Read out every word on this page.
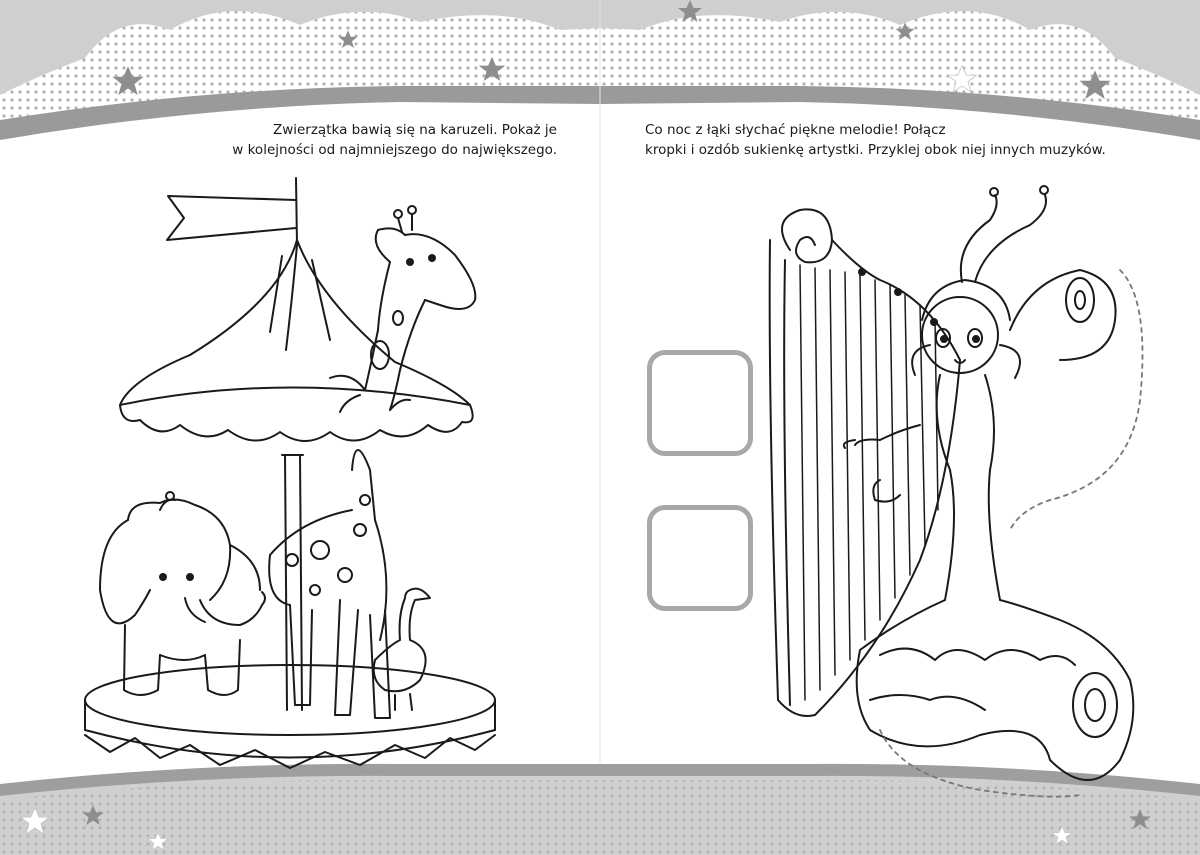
Zwierzątka bawią się na karuzeli. Pokaż je
w kolejności od najmniejszego do największego.
Co noc z łąki słychać piękne melodie! Połącz
kropki i ozdób sukienkę artystki. Przyklej obok niej innych muzyków.
